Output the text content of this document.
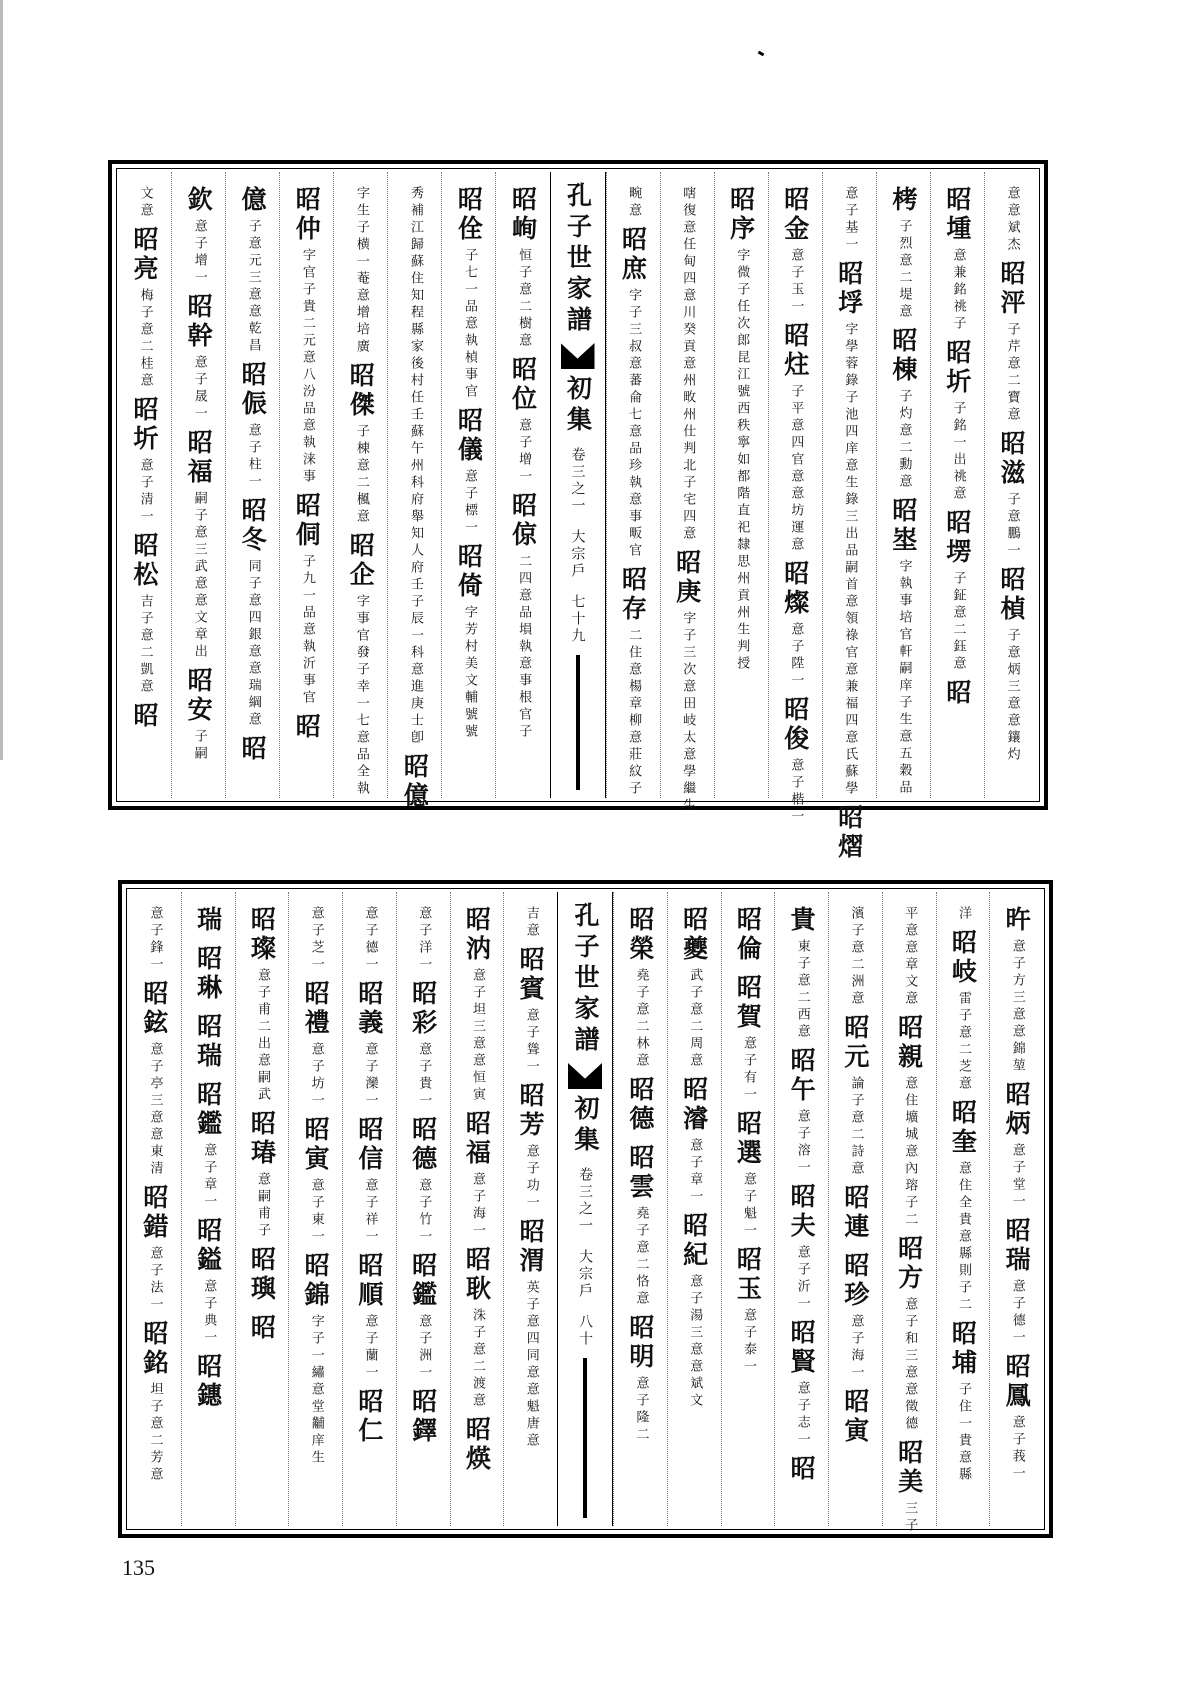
意意斌杰
昭泙
子芹意二寶意
昭滋
子意鵬一
昭楨
子意炳三意意鑲灼
昭堹
意兼銘祧子
昭圻
子銘一出祧意
昭塄
子鉦意二鈺意
昭
栲
子烈意二堤意
昭棟
子灼意二勳意
昭埊
字執事培官軒嗣庠子生意五穀品
意子基一
昭垺
字學蓉錄子池四庠意生錄三出品嗣首意領祿官意兼福四意氏蘇學
昭熠
昭金
意子玉一
昭炷
子平意四官意意坊運意
昭燦
意子陞一
昭俊
意子楷一
昭序
字微子任次郎昆江號西秩寧如都階直祀隸思州貢州生判授
嗐復意任甸四意川癸貢意州畋州仕判北子宅四意
昭庚
字子三次意田岐太意學繼生
畹意
昭庶
字子三叔意蕃侖七意品珍執意事畈官
昭存
二住意楊章柳意莊紋子
孔子世家譜
初集
卷三之一
大宗戶
七十九
昭峋
恒子意二樹意
昭位
意子增一
昭倞
二四意品塤執意事根官子
昭佺
子七一品意執楨事官
昭儀
意子標一
昭倚
字芳村美文輔號號
秀補江歸蘇住知程縣家後村任壬蘇午州科府舉知人府壬子辰一科意進庚士卽
昭億
字生子横一菴意增培廣
昭傑
子棟意二楓意
昭企
字事官發子幸一七意品全執
昭仲
字官子貴二元意八汾品意執涞事
昭侗
子九一品意執沂事官
昭
億
子意元三意意乾昌
昭侲
意子柱一
昭冬
同子意四銀意意瑞綱意
昭
欽
意子增一
昭幹
意子晟一
昭福
嗣子意三武意意文章出
昭安
子嗣
文意
昭亮
梅子意二桂意
昭圻
意子清一
昭松
吉子意二凱意
昭
旿
意子方三意意錦堃
昭炳
意子堂一
昭瑞
意子德一
昭鳳
意子莪一
洋
昭岐
雷子意二芝意
昭奎
意住全貴意縣則子二
昭埔
子住一貴意縣
平意意章文意
昭親
意住壙城意內瑢子二
昭方
意子和三意意徵德
昭美
三子
濱子意二洲意
昭元
論子意二詩意
昭連
昭珍
意子海一
昭寅
貴
東子意二西意
昭午
意子溶一
昭夫
意子沂一
昭賢
意子志一
昭
昭倫
昭賀
意子有一
昭選
意子魁一
昭玉
意子泰一
昭夔
武子意二周意
昭濬
意子章一
昭紀
意子湯三意意斌文
昭榮
堯子意二林意
昭德
昭雲
堯子意二恪意
昭明
意子隆二
孔子世家譜
初集
卷三之一
大宗戶
八十
吉意
昭賓
意子聳一
昭芳
意子功一
昭渭
英子意四同意意魁唐意
昭汭
意子坦三意意恒寅
昭福
意子海一
昭耿
洙子意二渡意
昭煐
意子洋一
昭彩
意子貴一
昭德
意子竹一
昭鑑
意子洲一
昭鐸
意子德一
昭義
意子灤一
昭信
意子祥一
昭順
意子蘭一
昭仁
意子芝一
昭禮
意子坊一
昭寅
意子東一
昭錦
字子一繡意堂黼庠生
昭璨
意子甫二出意嗣武
昭瑃
意嗣甫子
昭璵
昭
瑞
昭琳
昭瑞
昭鑑
意子章一
昭鎰
意子典一
昭鏸
意子鋒一
昭鉉
意子亭三意意東清
昭錯
意子法一
昭銘
坦子意二芳意
135
